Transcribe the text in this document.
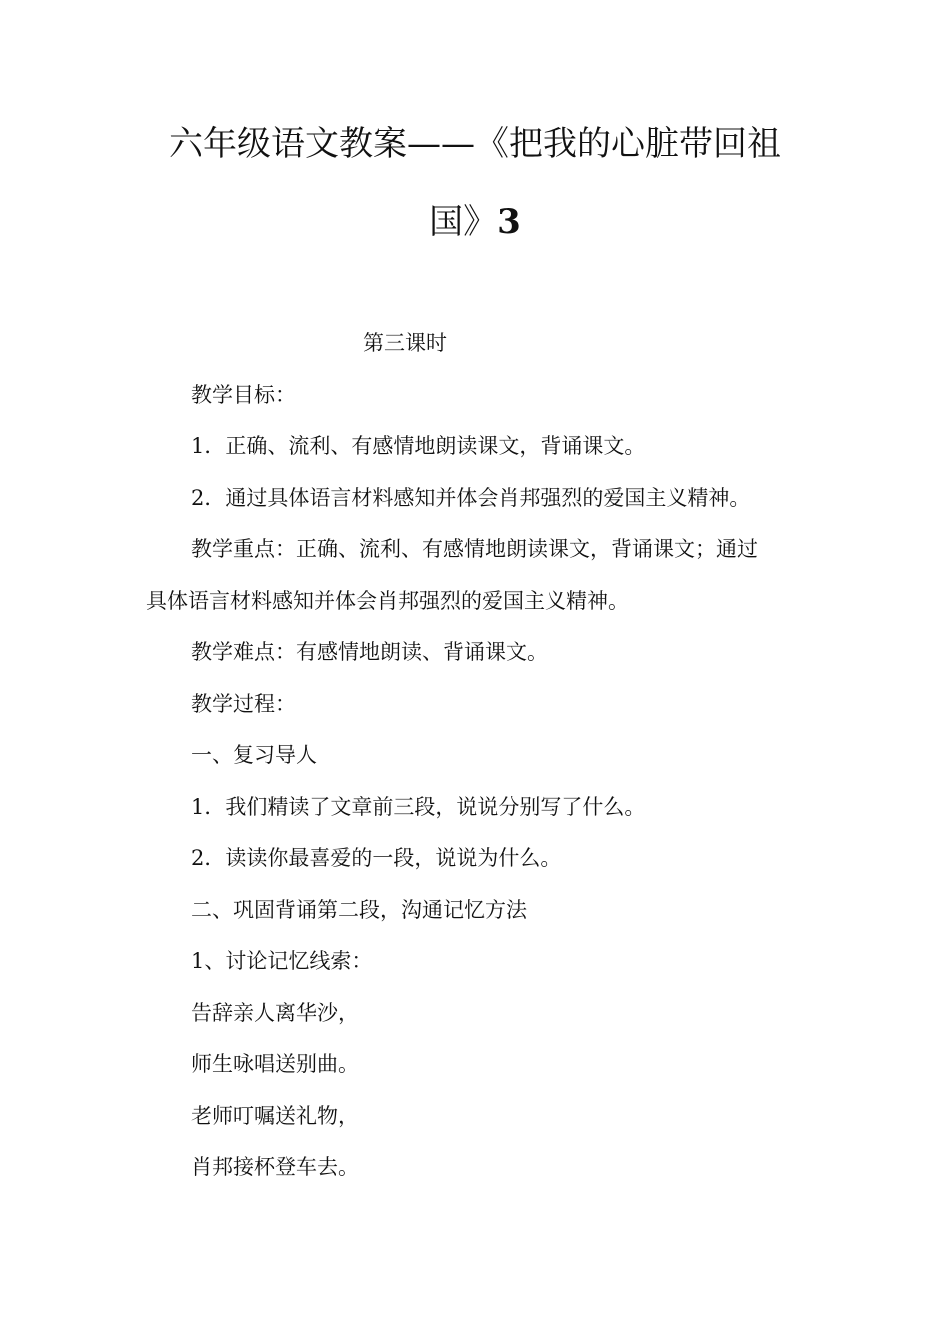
六年级语文教案——《把我的心脏带回祖
国》3
第三课时
教学目标：
1．正确、流利、有感情地朗读课文，背诵课文。
2．通过具体语言材料感知并体会肖邦强烈的爱国主义精神。
教学重点：正确、流利、有感情地朗读课文，背诵课文；通过
具体语言材料感知并体会肖邦强烈的爱国主义精神。
教学难点：有感情地朗读、背诵课文。
教学过程：
一、复习导人
1．我们精读了文章前三段，说说分别写了什么。
2．读读你最喜爱的一段，说说为什么。
二、巩固背诵第二段，沟通记忆方法
1、讨论记忆线索：
告辞亲人离华沙，
师生咏唱送别曲。
老师叮嘱送礼物，
肖邦接杯登车去。
